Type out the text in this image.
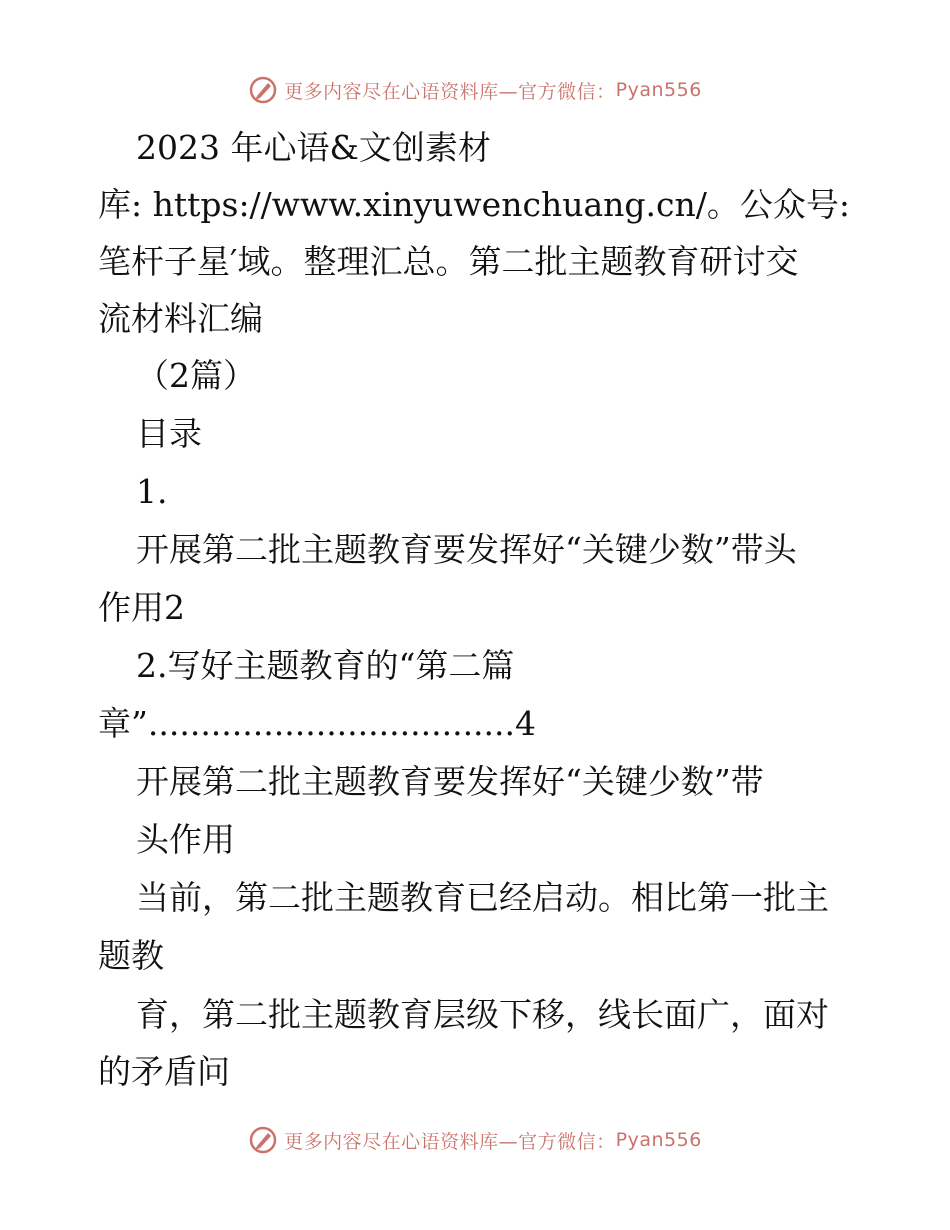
更多内容尽在心语资料库—官方微信： Pyan556
2023 年心语&文创素材
库: https://www.xinyuwenchuang.cn/。公众号:
笔杆子星′域。整理汇总。第二批主题教育研讨交
流材料汇编
（2篇）
目录
1.
开展第二批主题教育要发挥好“关键少数”带头
作用2
2.写好主题教育的“第二篇
章”...................................4
开展第二批主题教育要发挥好“关键少数”带
头作用
当前，第二批主题教育已经启动。相比第一批主
题教
育，第二批主题教育层级下移，线长面广，面对
的矛盾问
更多内容尽在心语资料库—官方微信： Pyan556
